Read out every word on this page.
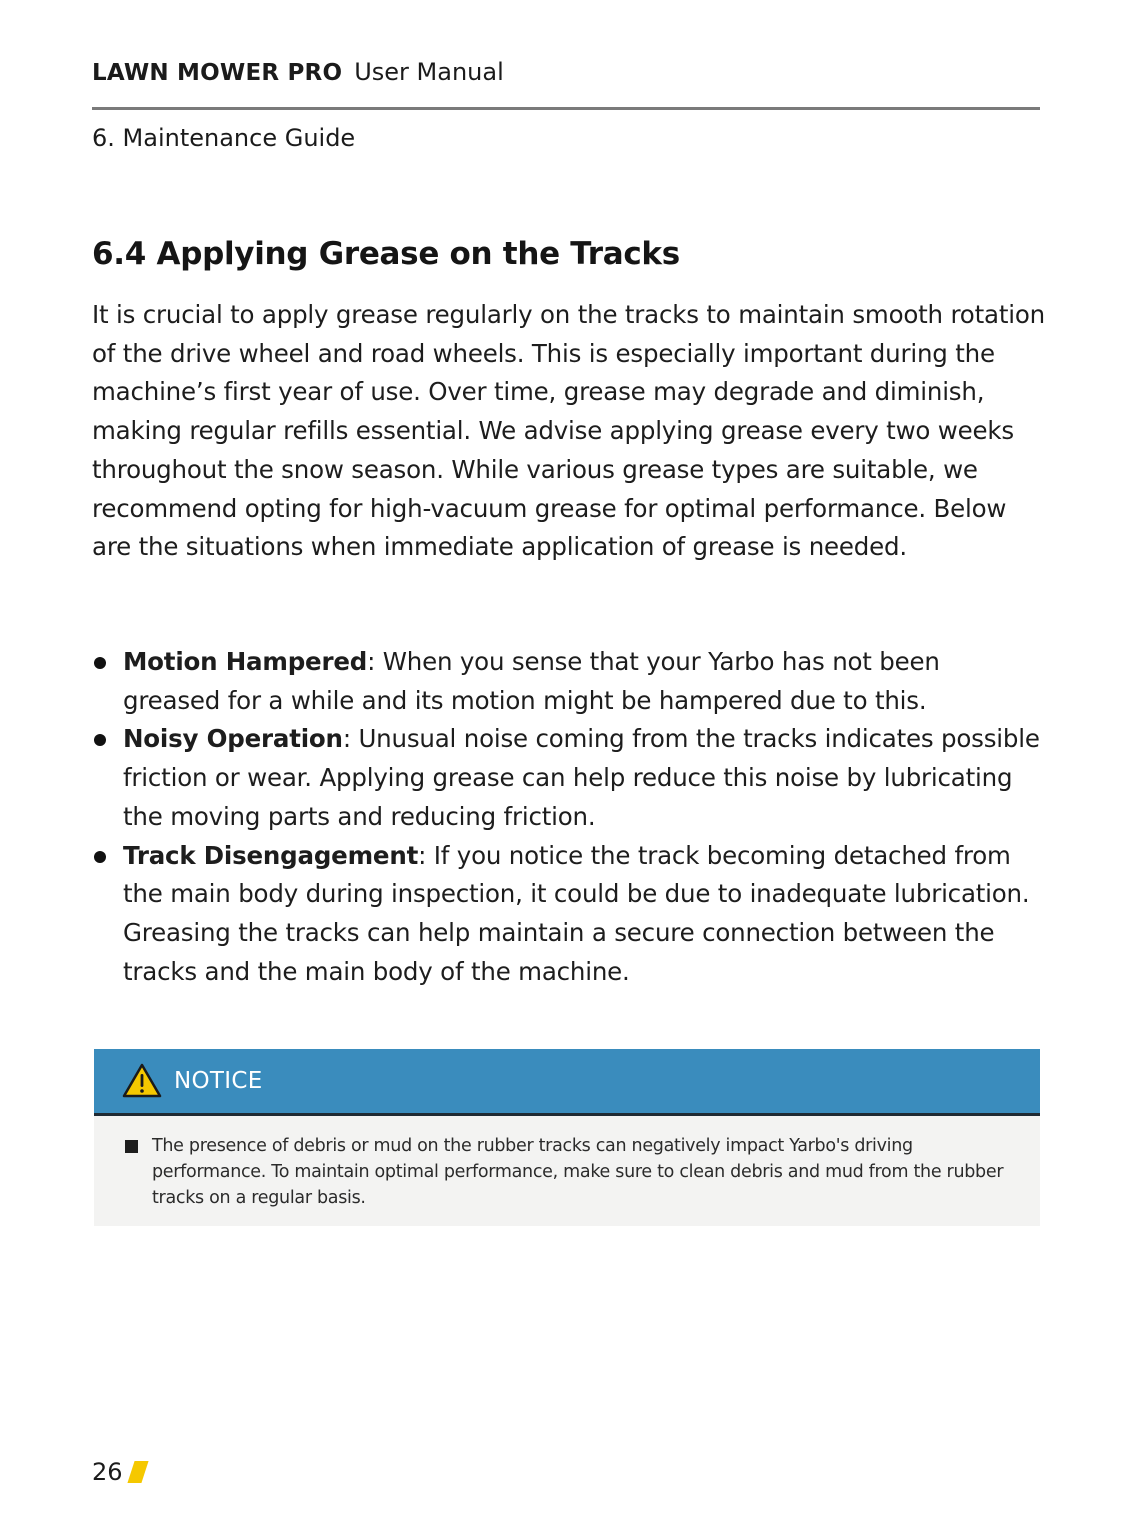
LAWN MOWER PRO User Manual
6. Maintenance Guide
6.4 Applying Grease on the Tracks

It is crucial to apply grease regularly on the tracks to maintain smooth rotation of the drive wheel and road wheels. This is especially important during the machine’s first year of use. Over time, grease may degrade and diminish, making regular refills essential. We advise applying grease every two weeks throughout the snow season. While various grease types are suitable, we recommend opting for high-vacuum grease for optimal performance. Below are the situations when immediate application of grease is needed.

Motion Hampered: When you sense that your Yarbo has not been greased for a while and its motion might be hampered due to this.
Noisy Operation: Unusual noise coming from the tracks indicates possible friction or wear. Applying grease can help reduce this noise by lubricating the moving parts and reducing friction.
Track Disengagement: If you notice the track becoming detached from the main body during inspection, it could be due to inadequate lubrication. Greasing the tracks can help maintain a secure connection between the tracks and the main body of the machine.
NOTICE
The presence of debris or mud on the rubber tracks can negatively impact Yarbo's driving performance. To maintain optimal performance, make sure to clean debris and mud from the rubber tracks on a regular basis.
26
